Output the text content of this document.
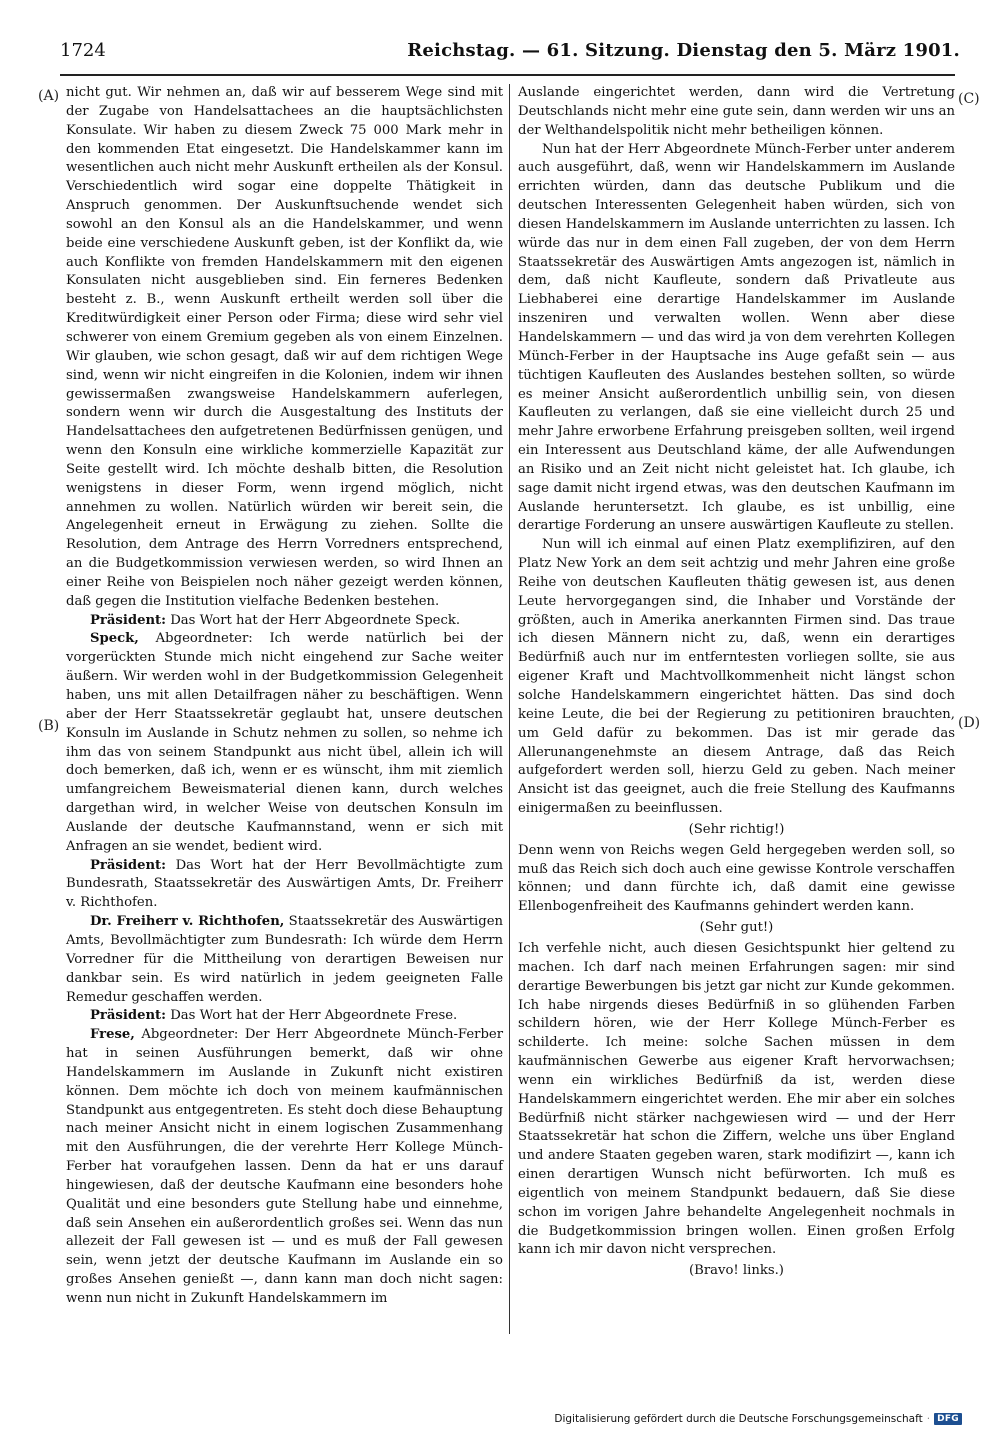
1724	Reichstag. — 61. Sitzung. Dienstag den 5. März 1901.
(A)
(B)
(C)
(D)

nicht gut. Wir nehmen an, daß wir auf besserem Wege sind mit der Zugabe von Handelsattachees an die hauptsächlichsten Konsulate. Wir haben zu diesem Zweck 75 000 Mark mehr in den kommenden Etat eingesetzt. Die Handelskammer kann im wesentlichen auch nicht mehr Auskunft ertheilen als der Konsul. Verschiedentlich wird sogar eine doppelte Thätigkeit in Anspruch genommen. Der Auskunftsuchende wendet sich sowohl an den Konsul als an die Handelskammer, und wenn beide eine verschiedene Auskunft geben, ist der Konflikt da, wie auch Konflikte von fremden Handelskammern mit den eigenen Konsulaten nicht ausgeblieben sind. Ein ferneres Bedenken besteht z. B., wenn Auskunft ertheilt werden soll über die Kreditwürdigkeit einer Person oder Firma; diese wird sehr viel schwerer von einem Gremium gegeben als von einem Einzelnen. Wir glauben, wie schon gesagt, daß wir auf dem richtigen Wege sind, wenn wir nicht eingreifen in die Kolonien, indem wir ihnen gewissermaßen zwangsweise Handelskammern auferlegen, sondern wenn wir durch die Ausgestaltung des Instituts der Handelsattachees den aufgetretenen Bedürfnissen genügen, und wenn den Konsuln eine wirkliche kommerzielle Kapazität zur Seite gestellt wird. Ich möchte deshalb bitten, die Resolution wenigstens in dieser Form, wenn irgend möglich, nicht annehmen zu wollen. Natürlich würden wir bereit sein, die Angelegenheit erneut in Erwägung zu ziehen. Sollte die Resolution, dem Antrage des Herrn Vorredners entsprechend, an die Budgetkommission verwiesen werden, so wird Ihnen an einer Reihe von Beispielen noch näher gezeigt werden können, daß gegen die Institution vielfache Bedenken bestehen.

Präsident: Das Wort hat der Herr Abgeordnete Speck.

Speck, Abgeordneter: Ich werde natürlich bei der vorgerückten Stunde mich nicht eingehend zur Sache weiter äußern. Wir werden wohl in der Budgetkommission Gelegenheit haben, uns mit allen Detailfragen näher zu beschäftigen. Wenn aber der Herr Staatssekretär geglaubt hat, unsere deutschen Konsuln im Auslande in Schutz nehmen zu sollen, so nehme ich ihm das von seinem Standpunkt aus nicht übel, allein ich will doch bemerken, daß ich, wenn er es wünscht, ihm mit ziemlich umfangreichem Beweismaterial dienen kann, durch welches dargethan wird, in welcher Weise von deutschen Konsuln im Auslande der deutsche Kaufmannstand, wenn er sich mit Anfragen an sie wendet, bedient wird.

Präsident: Das Wort hat der Herr Bevollmächtigte zum Bundesrath, Staatssekretär des Auswärtigen Amts, Dr. Freiherr v. Richthofen.

Dr. Freiherr v. Richthofen, Staatssekretär des Auswärtigen Amts, Bevollmächtigter zum Bundesrath: Ich würde dem Herrn Vorredner für die Mittheilung von derartigen Beweisen nur dankbar sein. Es wird natürlich in jedem geeigneten Falle Remedur geschaffen werden.

Präsident: Das Wort hat der Herr Abgeordnete Frese.

Frese, Abgeordneter: Der Herr Abgeordnete Münch-Ferber hat in seinen Ausführungen bemerkt, daß wir ohne Handelskammern im Auslande in Zukunft nicht existiren können. Dem möchte ich doch von meinem kaufmännischen Standpunkt aus entgegentreten. Es steht doch diese Behauptung nach meiner Ansicht nicht in einem logischen Zusammenhang mit den Ausführungen, die der verehrte Herr Kollege Münch-Ferber hat voraufgehen lassen. Denn da hat er uns darauf hingewiesen, daß der deutsche Kaufmann eine besonders hohe Qualität und eine besonders gute Stellung habe und einnehme, daß sein Ansehen ein außerordentlich großes sei. Wenn das nun allezeit der Fall gewesen ist — und es muß der Fall gewesen sein, wenn jetzt der deutsche Kaufmann im Auslande ein so großes Ansehen genießt —, dann kann man doch nicht sagen: wenn nun nicht in Zukunft Handelskammern im

Auslande eingerichtet werden, dann wird die Vertretung Deutschlands nicht mehr eine gute sein, dann werden wir uns an der Welthandelspolitik nicht mehr betheiligen können.

Nun hat der Herr Abgeordnete Münch-Ferber unter anderem auch ausgeführt, daß, wenn wir Handelskammern im Auslande errichten würden, dann das deutsche Publikum und die deutschen Interessenten Gelegenheit haben würden, sich von diesen Handelskammern im Auslande unterrichten zu lassen. Ich würde das nur in dem einen Fall zugeben, der von dem Herrn Staatssekretär des Auswärtigen Amts angezogen ist, nämlich in dem, daß nicht Kaufleute, sondern daß Privatleute aus Liebhaberei eine derartige Handelskammer im Auslande inszeniren und verwalten wollen. Wenn aber diese Handelskammern — und das wird ja von dem verehrten Kollegen Münch-Ferber in der Hauptsache ins Auge gefaßt sein — aus tüchtigen Kaufleuten des Auslandes bestehen sollten, so würde es meiner Ansicht außerordentlich unbillig sein, von diesen Kaufleuten zu verlangen, daß sie eine vielleicht durch 25 und mehr Jahre erworbene Erfahrung preisgeben sollten, weil irgend ein Interessent aus Deutschland käme, der alle Aufwendungen an Risiko und an Zeit nicht nicht geleistet hat. Ich glaube, ich sage damit nicht irgend etwas, was den deutschen Kaufmann im Auslande heruntersetzt. Ich glaube, es ist unbillig, eine derartige Forderung an unsere auswärtigen Kaufleute zu stellen.

Nun will ich einmal auf einen Platz exemplifiziren, auf den Platz New York an dem seit achtzig und mehr Jahren eine große Reihe von deutschen Kaufleuten thätig gewesen ist, aus denen Leute hervorgegangen sind, die Inhaber und Vorstände der größten, auch in Amerika anerkannten Firmen sind. Das traue ich diesen Männern nicht zu, daß, wenn ein derartiges Bedürfniß auch nur im entferntesten vorliegen sollte, sie aus eigener Kraft und Machtvollkommenheit nicht längst schon solche Handelskammern eingerichtet hätten. Das sind doch keine Leute, die bei der Regierung zu petitioniren brauchten, um Geld dafür zu bekommen. Das ist mir gerade das Allerunangenehmste an diesem Antrage, daß das Reich aufgefordert werden soll, hierzu Geld zu geben. Nach meiner Ansicht ist das geeignet, auch die freie Stellung des Kaufmanns einigermaßen zu beeinflussen.

(Sehr richtig!)

Denn wenn von Reichs wegen Geld hergegeben werden soll, so muß das Reich sich doch auch eine gewisse Kontrole verschaffen können; und dann fürchte ich, daß damit eine gewisse Ellenbogenfreiheit des Kaufmanns gehindert werden kann.

(Sehr gut!)

Ich verfehle nicht, auch diesen Gesichtspunkt hier geltend zu machen. Ich darf nach meinen Erfahrungen sagen: mir sind derartige Bewerbungen bis jetzt gar nicht zur Kunde gekommen. Ich habe nirgends dieses Bedürfniß in so glühenden Farben schildern hören, wie der Herr Kollege Münch-Ferber es schilderte. Ich meine: solche Sachen müssen in dem kaufmännischen Gewerbe aus eigener Kraft hervorwachsen; wenn ein wirkliches Bedürfniß da ist, werden diese Handelskammern eingerichtet werden. Ehe mir aber ein solches Bedürfniß nicht stärker nachgewiesen wird — und der Herr Staatssekretär hat schon die Ziffern, welche uns über England und andere Staaten gegeben waren, stark modifizirt —, kann ich einen derartigen Wunsch nicht befürworten. Ich muß es eigentlich von meinem Standpunkt bedauern, daß Sie diese schon im vorigen Jahre behandelte Angelegenheit nochmals in die Budgetkommission bringen wollen. Einen großen Erfolg kann ich mir davon nicht versprechen.

(Bravo! links.)

Digitalisierung gefördert durch die Deutsche Forschungsgemeinschaft · DFG
